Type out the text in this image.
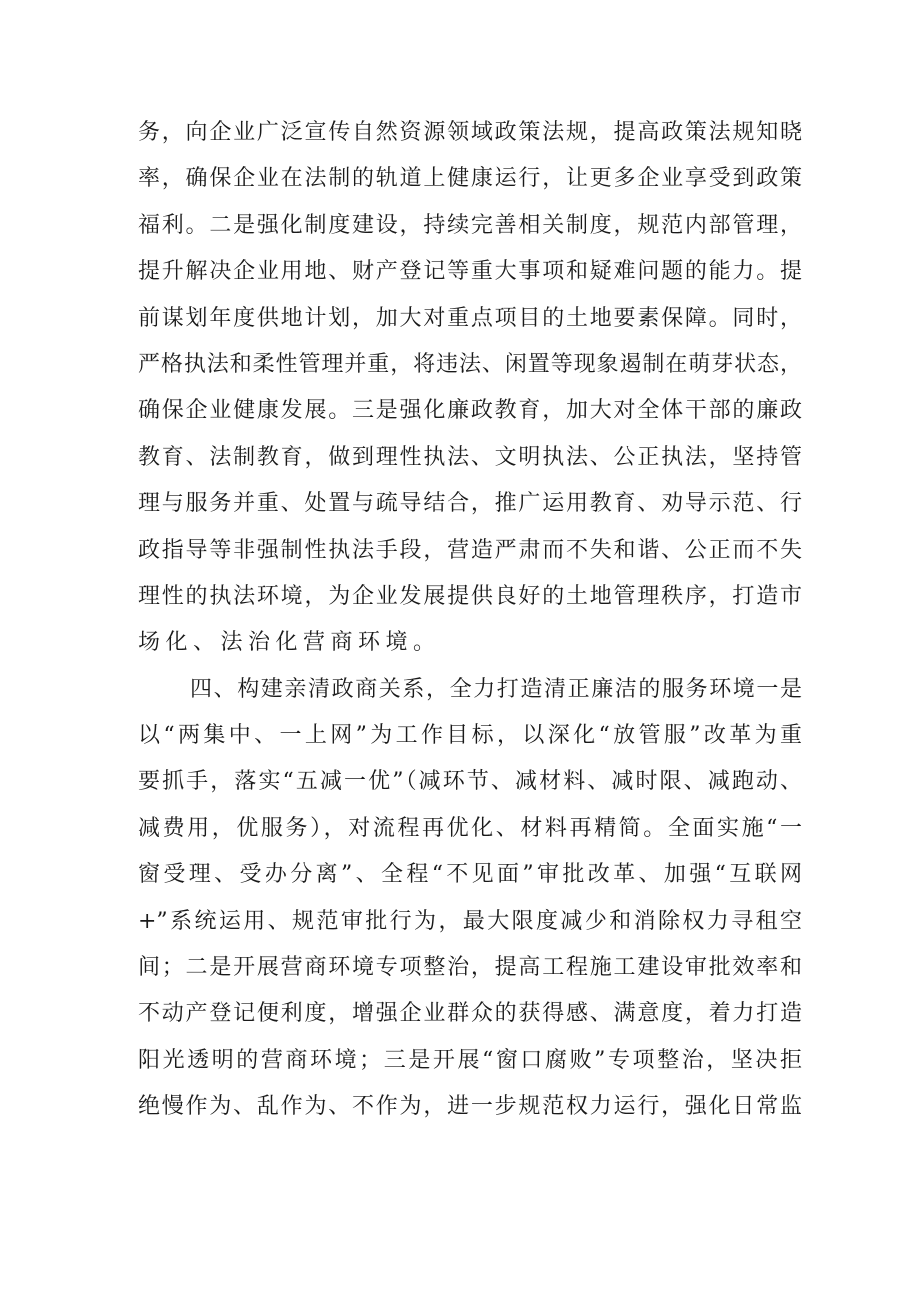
务，向企业广泛宣传自然资源领域政策法规，提高政策法规知晓
率，确保企业在法制的轨道上健康运行，让更多企业享受到政策
福利。二是强化制度建设，持续完善相关制度，规范内部管理，
提升解决企业用地、财产登记等重大事项和疑难问题的能力。提
前谋划年度供地计划，加大对重点项目的土地要素保障。同时，
严格执法和柔性管理并重，将违法、闲置等现象遏制在萌芽状态，
确保企业健康发展。三是强化廉政教育，加大对全体干部的廉政
教育、法制教育，做到理性执法、文明执法、公正执法，坚持管
理与服务并重、处置与疏导结合，推广运用教育、劝导示范、行
政指导等非强制性执法手段，营造严肃而不失和谐、公正而不失
理性的执法环境，为企业发展提供良好的土地管理秩序，打造市
场化、法治化营商环境。
四、构建亲清政商关系，全力打造清正廉洁的服务环境一是
以“两集中、一上网”为工作目标，以深化“放管服”改革为重
要抓手，落实“五减一优”（减环节、减材料、减时限、减跑动、
减费用，优服务），对流程再优化、材料再精简。全面实施“一
窗受理、受办分离”、全程“不见面”审批改革、加强“互联网
+”系统运用、规范审批行为，最大限度减少和消除权力寻租空
间；二是开展营商环境专项整治，提高工程施工建设审批效率和
不动产登记便利度，增强企业群众的获得感、满意度，着力打造
阳光透明的营商环境；三是开展“窗口腐败”专项整治，坚决拒
绝慢作为、乱作为、不作为，进一步规范权力运行，强化日常监
